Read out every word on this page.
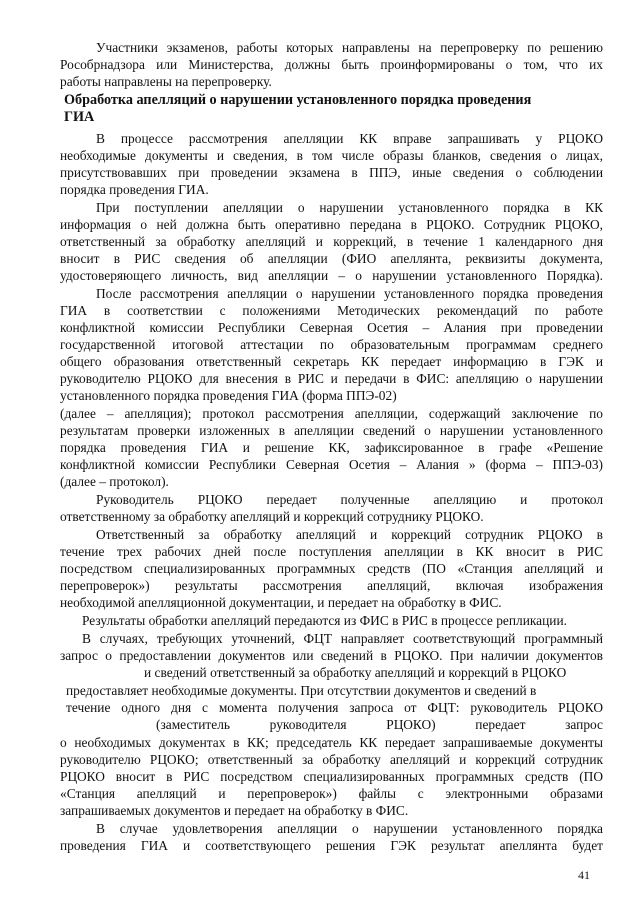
Участники экзаменов, работы которых направлены на перепроверку по решению
Рособрнадзора или Министерства, должны быть проинформированы о том, что их
работы направлены на перепроверку.
Обработка апелляций о нарушении установленного порядка проведения
ГИА
В процессе рассмотрения апелляции КК вправе запрашивать у РЦОКО
необходимые документы и сведения, в том числе образы бланков, сведения о лицах,
присутствовавших при проведении экзамена в ППЭ, иные сведения о соблюдении
порядка проведения ГИА.
При поступлении апелляции о нарушении установленного порядка в КК
информация о ней должна быть оперативно передана в РЦОКО. Сотрудник РЦОКО,
ответственный за обработку апелляций и коррекций, в течение 1 календарного дня
вносит в РИС сведения об апелляции (ФИО апеллянта, реквизиты документа,
удостоверяющего личность, вид апелляции – о нарушении установленного Порядка).
После рассмотрения апелляции о нарушении установленного порядка проведения
ГИА в соответствии с положениями Методических рекомендаций по работе
конфликтной комиссии Республики Северная Осетия – Алания при проведении
государственной итоговой аттестации по образовательным программам среднего
общего образования ответственный секретарь КК передает информацию в ГЭК и
руководителю РЦОКО для внесения в РИС и передачи в ФИС: апелляцию о нарушении
установленного порядка проведения ГИА (форма ППЭ-02)
(далее – апелляция); протокол рассмотрения апелляции, содержащий заключение по
результатам проверки изложенных в апелляции сведений о нарушении установленного
порядка проведения ГИА и решение КК, зафиксированное в графе «Решение
конфликтной комиссии Республики Северная Осетия – Алания » (форма – ППЭ-03)
(далее – протокол).
Руководитель РЦОКО передает полученные апелляцию и протокол
ответственному за обработку апелляций и коррекций сотруднику РЦОКО.
Ответственный за обработку апелляций и коррекций сотрудник РЦОКО в
течение трех рабочих дней после поступления апелляции в КК вносит в РИС
посредством специализированных программных средств (ПО «Станция апелляций и
перепроверок») результаты рассмотрения апелляций, включая изображения
необходимой апелляционной документации, и передает на обработку в ФИС.
Результаты обработки апелляций передаются из ФИС в РИС в процессе репликации.
В случаях, требующих уточнений, ФЦТ направляет соответствующий программный
запрос о предоставлении документов или сведений в РЦОКО. При наличии документов
и сведений ответственный за обработку апелляций и коррекций в РЦОКО
предоставляет необходимые документы. При отсутствии документов и сведений в
течение одного дня с момента получения запроса от ФЦТ: руководитель РЦОКО
(заместитель руководителя РЦОКО) передает запрос
о необходимых документах в КК; председатель КК передает запрашиваемые документы
руководителю РЦОКО; ответственный за обработку апелляций и коррекций сотрудник
РЦОКО вносит в РИС посредством специализированных программных средств (ПО
«Станция апелляций и перепроверок») файлы с электронными образами
запрашиваемых документов и передает на обработку в ФИС.
В случае удовлетворения апелляции о нарушении установленного порядка
проведения ГИА и соответствующего решения ГЭК результат апеллянта будет
41
